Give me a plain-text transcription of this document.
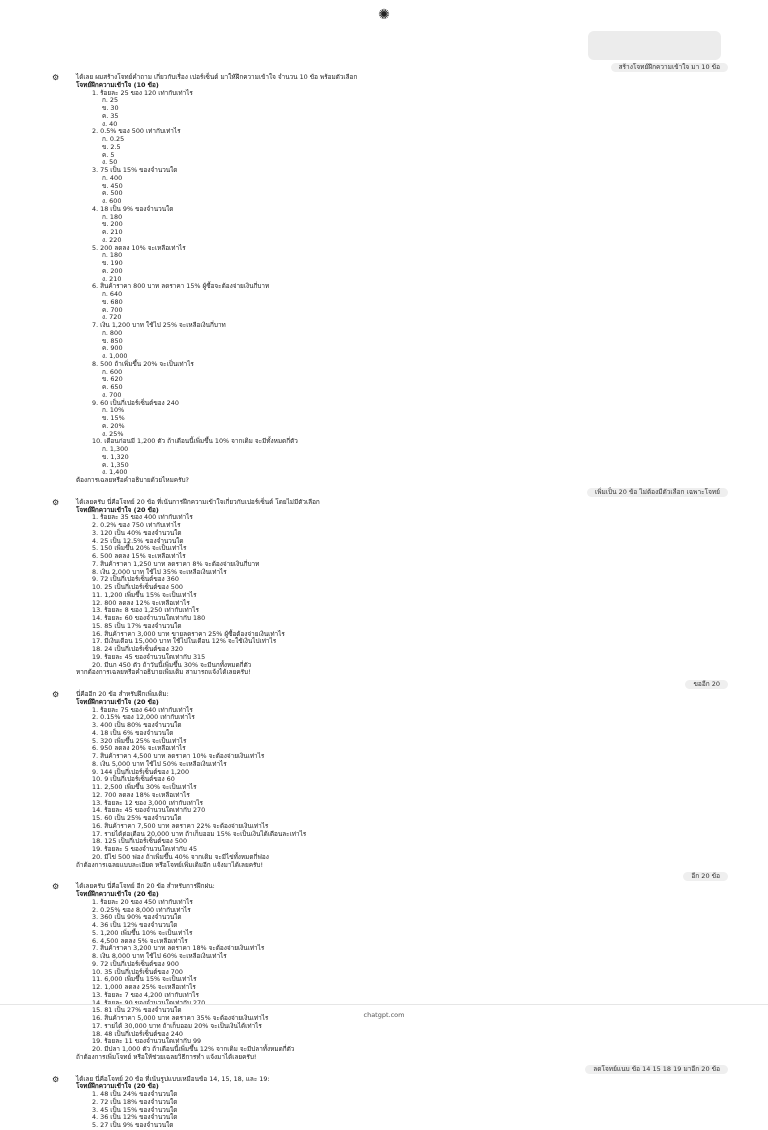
✺
สร้างโจทย์ฝึกความเข้าใจ มา 10 ข้อ
⚙	ได้เลย ผมสร้างโจทย์คำถาม เกี่ยวกับเรื่อง เปอร์เซ็นต์ มาให้ฝึกความเข้าใจ จำนวน 10 ข้อ พร้อมตัวเลือก

โจทย์ฝึกความเข้าใจ (10 ข้อ)

1. ร้อยละ 25 ของ 120 เท่ากับเท่าไร
ก. 25
ข. 30
ค. 35
ง. 40
2. 0.5% ของ 500 เท่ากับเท่าไร
ก. 0.25
ข. 2.5
ค. 5
ง. 50
3. 75 เป็น 15% ของจำนวนใด
ก. 400
ข. 450
ค. 500
ง. 600
4. 18 เป็น 9% ของจำนวนใด
ก. 180
ข. 200
ค. 210
ง. 220
5. 200 ลดลง 10% จะเหลือเท่าไร
ก. 180
ข. 190
ค. 200
ง. 210
6. สินค้าราคา 800 บาท ลดราคา 15% ผู้ซื้อจะต้องจ่ายเงินกี่บาท
ก. 640
ข. 680
ค. 700
ง. 720
7. เงิน 1,200 บาท ใช้ไป 25% จะเหลือเงินกี่บาท
ก. 800
ข. 850
ค. 900
ง. 1,000
8. 500 ถ้าเพิ่มขึ้น 20% จะเป็นเท่าไร
ก. 600
ข. 620
ค. 650
ง. 700
9. 60 เป็นกี่เปอร์เซ็นต์ของ 240
ก. 10%
ข. 15%
ค. 20%
ง. 25%
10. เดือนก่อนมี 1,200 ตัว ถ้าเดือนนี้เพิ่มขึ้น 10% จากเดิม จะมีทั้งหมดกี่ตัว
ก. 1,300
ข. 1,320
ค. 1,350
ง. 1,400

ต้องการเฉลยหรือคำอธิบายด้วยไหมครับ?

เพิ่มเป็น 20 ข้อ ไม่ต้องมีตัวเลือก เฉพาะโจทย์
⚙	ได้เลยครับ นี่คือโจทย์ 20 ข้อ ที่เน้นการฝึกความเข้าใจเกี่ยวกับเปอร์เซ็นต์ โดยไม่มีตัวเลือก

โจทย์ฝึกความเข้าใจ (20 ข้อ)

1. ร้อยละ 35 ของ 400 เท่ากับเท่าไร
2. 0.2% ของ 750 เท่ากับเท่าไร
3. 120 เป็น 40% ของจำนวนใด
4. 25 เป็น 12.5% ของจำนวนใด
5. 150 เพิ่มขึ้น 20% จะเป็นเท่าไร
6. 500 ลดลง 15% จะเหลือเท่าไร
7. สินค้าราคา 1,250 บาท ลดราคา 8% จะต้องจ่ายเงินกี่บาท
8. เงิน 2,000 บาท ใช้ไป 35% จะเหลือเงินเท่าไร
9. 72 เป็นกี่เปอร์เซ็นต์ของ 360
10. 25 เป็นกี่เปอร์เซ็นต์ของ 500
11. 1,200 เพิ่มขึ้น 15% จะเป็นเท่าไร
12. 800 ลดลง 12% จะเหลือเท่าไร
13. ร้อยละ 8 ของ 1,250 เท่ากับเท่าไร
14. ร้อยละ 60 ของจำนวนใดเท่ากับ 180
15. 85 เป็น 17% ของจำนวนใด
16. สินค้าราคา 3,000 บาท ขายลดราคา 25% ผู้ซื้อต้องจ่ายเงินเท่าไร
17. มีเงินเดือน 15,000 บาท ใช้ไปในเดือน 12% จะใช้เงินไปเท่าไร
18. 24 เป็นกี่เปอร์เซ็นต์ของ 320
19. ร้อยละ 45 ของจำนวนใดเท่ากับ 315
20. มีนก 450 ตัว ถ้าวันนี้เพิ่มขึ้น 30% จะมีนกทั้งหมดกี่ตัว

หากต้องการเฉลยหรือคำอธิบายเพิ่มเติม สามารถแจ้งได้เลยครับ!

ขออีก 20
⚙	นี่คืออีก 20 ข้อ สำหรับฝึกเพิ่มเติม:

โจทย์ฝึกความเข้าใจ (20 ข้อ)

1. ร้อยละ 75 ของ 640 เท่ากับเท่าไร
2. 0.15% ของ 12,000 เท่ากับเท่าไร
3. 400 เป็น 80% ของจำนวนใด
4. 18 เป็น 6% ของจำนวนใด
5. 320 เพิ่มขึ้น 25% จะเป็นเท่าไร
6. 950 ลดลง 20% จะเหลือเท่าไร
7. สินค้าราคา 4,500 บาท ลดราคา 10% จะต้องจ่ายเงินเท่าไร
8. เงิน 5,000 บาท ใช้ไป 50% จะเหลือเงินเท่าไร
9. 144 เป็นกี่เปอร์เซ็นต์ของ 1,200
10. 9 เป็นกี่เปอร์เซ็นต์ของ 60
11. 2,500 เพิ่มขึ้น 30% จะเป็นเท่าไร
12. 700 ลดลง 18% จะเหลือเท่าไร
13. ร้อยละ 12 ของ 3,000 เท่ากับเท่าไร
14. ร้อยละ 45 ของจำนวนใดเท่ากับ 270
15. 60 เป็น 25% ของจำนวนใด
16. สินค้าราคา 7,500 บาท ลดราคา 22% จะต้องจ่ายเงินเท่าไร
17. รายได้ต่อเดือน 20,000 บาท ถ้าเก็บออม 15% จะเป็นเงินได้เดือนละเท่าไร
18. 125 เป็นกี่เปอร์เซ็นต์ของ 500
19. ร้อยละ 5 ของจำนวนใดเท่ากับ 45
20. มีไข่ 500 ฟอง ถ้าเพิ่มขึ้น 40% จากเดิม จะมีไข่ทั้งหมดกี่ฟอง

ถ้าต้องการเฉลยแบบละเอียด หรือโจทย์เพิ่มเติมอีก แจ้งมาได้เลยครับ!

อีก 20 ข้อ
⚙	ได้เลยครับ นี่คือโจทย์ อีก 20 ข้อ สำหรับการฝึกฝน:

โจทย์ฝึกความเข้าใจ (20 ข้อ)

1. ร้อยละ 20 ของ 450 เท่ากับเท่าไร
2. 0.25% ของ 8,000 เท่ากับเท่าไร
3. 360 เป็น 90% ของจำนวนใด
4. 36 เป็น 12% ของจำนวนใด
5. 1,200 เพิ่มขึ้น 10% จะเป็นเท่าไร
6. 4,500 ลดลง 5% จะเหลือเท่าไร
7. สินค้าราคา 3,200 บาท ลดราคา 18% จะต้องจ่ายเงินเท่าไร
8. เงิน 8,000 บาท ใช้ไป 60% จะเหลือเงินเท่าไร
9. 72 เป็นกี่เปอร์เซ็นต์ของ 900
10. 35 เป็นกี่เปอร์เซ็นต์ของ 700
11. 6,000 เพิ่มขึ้น 15% จะเป็นเท่าไร
12. 1,000 ลดลง 25% จะเหลือเท่าไร
13. ร้อยละ 7 ของ 4,200 เท่ากับเท่าไร
14. ร้อยละ 90 ของจำนวนใดเท่ากับ 270
15. 81 เป็น 27% ของจำนวนใด
16. สินค้าราคา 5,000 บาท ลดราคา 35% จะต้องจ่ายเงินเท่าไร
17. รายได้ 30,000 บาท ถ้าเก็บออม 20% จะเป็นเงินได้เท่าไร
18. 48 เป็นกี่เปอร์เซ็นต์ของ 240
19. ร้อยละ 11 ของจำนวนใดเท่ากับ 99
20. มีปลา 1,000 ตัว ถ้าเดือนนี้เพิ่มขึ้น 12% จากเดิม จะมีปลาทั้งหมดกี่ตัว

ถ้าต้องการเพิ่มโจทย์ หรือให้ช่วยเฉลยวิธีการทำ แจ้งมาได้เลยครับ!

ลดโจทย์แนบ ข้อ 14 15 18 19 มาอีก 20 ข้อ
⚙	ได้เลย นี่คือโจทย์ 20 ข้อ ที่เน้นรูปแบบเหมือนข้อ 14, 15, 18, และ 19:

โจทย์ฝึกความเข้าใจ (20 ข้อ)

1. 48 เป็น 24% ของจำนวนใด
2. 72 เป็น 18% ของจำนวนใด
3. 45 เป็น 15% ของจำนวนใด
4. 36 เป็น 12% ของจำนวนใด
5. 27 เป็น 9% ของจำนวนใด
chatgpt.com
